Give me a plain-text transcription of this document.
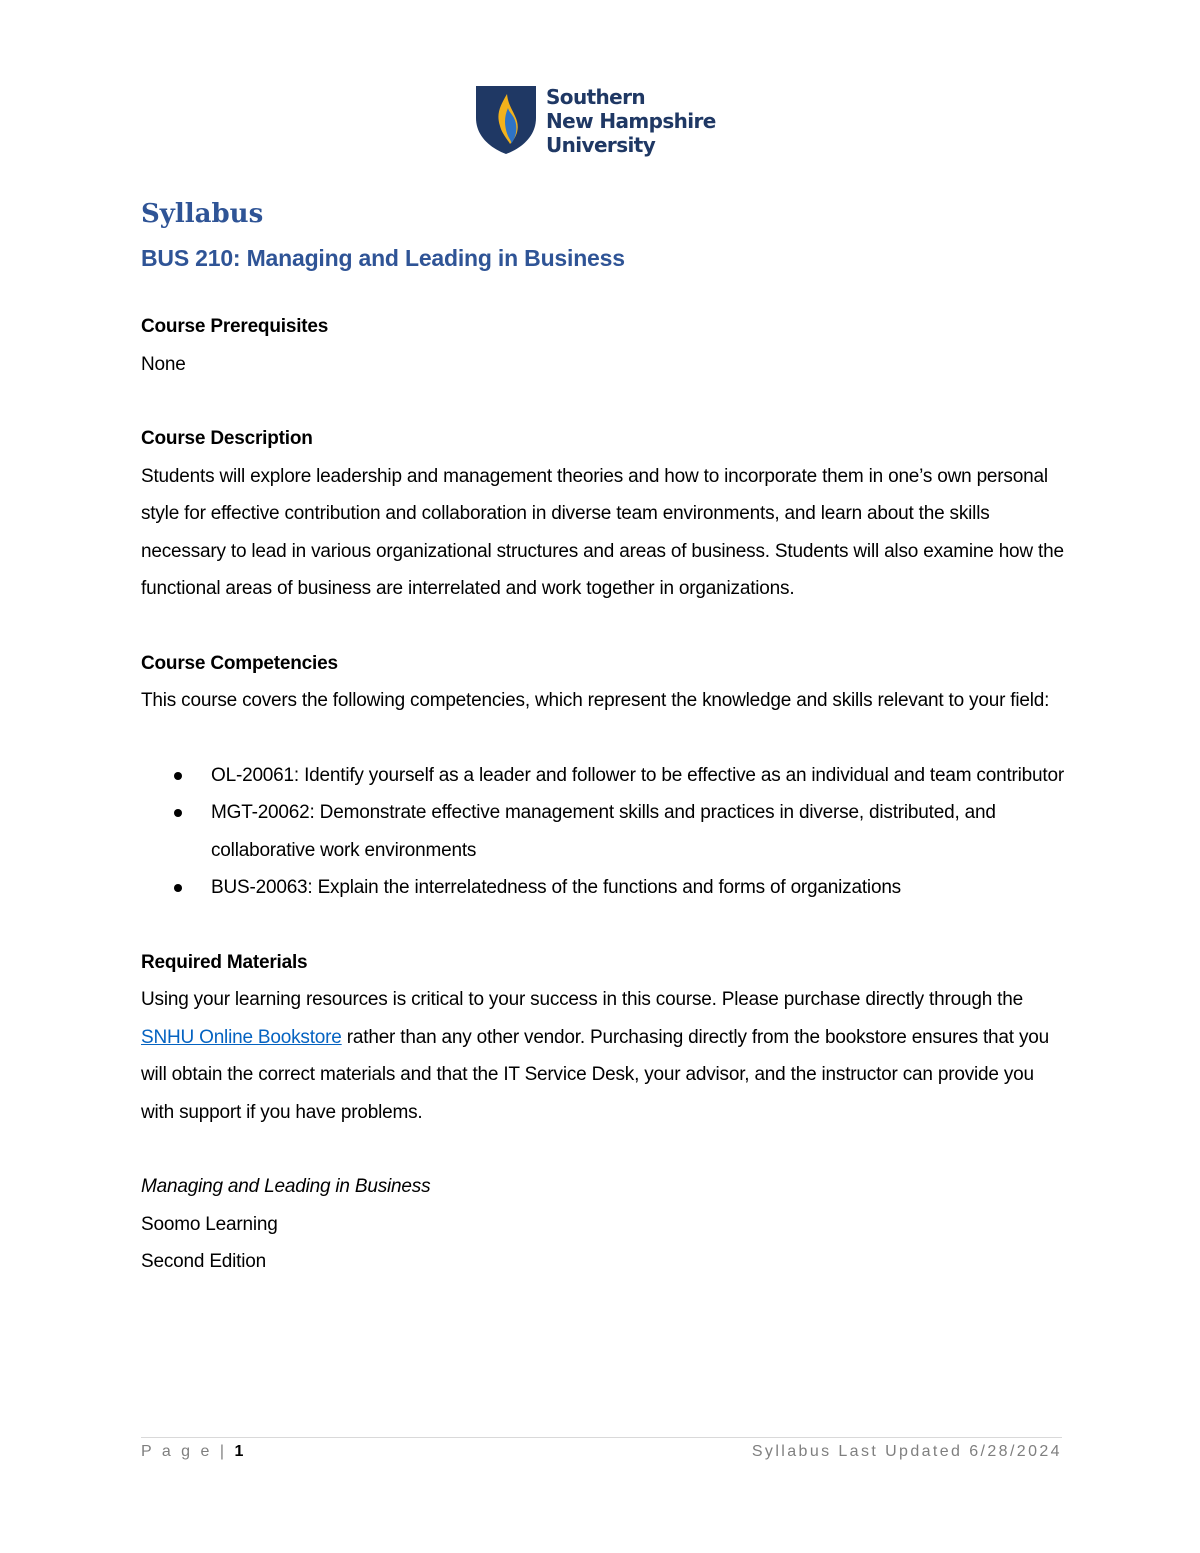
Southern
New Hampshire
University
Syllabus
BUS 210: Managing and Leading in Business

Course Prerequisites

None

Course Description

Students will explore leadership and management theories and how to incorporate them in one’s own personal style for effective contribution and collaboration in diverse team environments, and learn about the skills necessary to lead in various organizational structures and areas of business. Students will also examine how the functional areas of business are interrelated and work together in organizations.

Course Competencies

This course covers the following competencies, which represent the knowledge and skills relevant to your field:

OL-20061: Identify yourself as a leader and follower to be effective as an individual and team contributor
MGT-20062: Demonstrate effective management skills and practices in diverse, distributed, and collaborative work environments
BUS-20063: Explain the interrelatedness of the functions and forms of organizations

Required Materials

Using your learning resources is critical to your success in this course. Please purchase directly through the SNHU Online Bookstore rather than any other vendor. Purchasing directly from the bookstore ensures that you will obtain the correct materials and that the IT Service Desk, your advisor, and the instructor can provide you with support if you have problems.

Managing and Leading in Business

Soomo Learning

Second Edition

P a g e | 1	Syllabus Last Updated 6/28/2024
